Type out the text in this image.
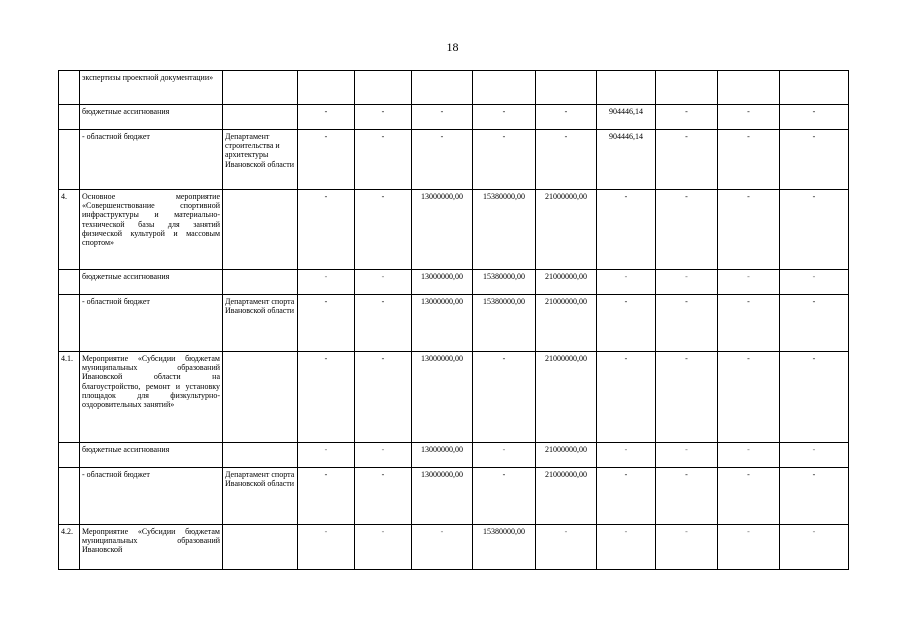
18
	экспертизы проектной документации»										
	бюджетные ассигнования		-	-	-	-	-	904446,14	-	-	-
	- областной бюджет	Департамент строительства и архитектуры Ивановской области	-	-	-	-	-	904446,14	-	-	-
4.	Основное мероприятие «Совершенствование спортивной инфраструктуры и материально-технической базы для занятий физической культурой и массовым спортом»		-	-	13000000,00	15380000,00	21000000,00	-	-	-	-
	бюджетные ассигнования		-	-	13000000,00	15380000,00	21000000,00	-	-	-	-
	- областной бюджет	Департамент спорта Ивановской области	-	-	13000000,00	15380000,00	21000000,00	-	-	-	-
4.1.	Мероприятие «Субсидии бюджетам муниципальных образований Ивановской области на благоустройство, ремонт и установку площадок для физкультурно-оздоровительных занятий»		-	-	13000000,00	-	21000000,00	-	-	-	-
	бюджетные ассигнования		-	-	13000000,00	-	21000000,00	-	-	-	-
	- областной бюджет	Департамент спорта Ивановской области	-	-	13000000,00	-	21000000,00	-	-	-	-
4.2.	Мероприятие «Субсидии бюджетам муниципальных образований Ивановской		-	-	-	15380000,00	-	-	-	-	-
